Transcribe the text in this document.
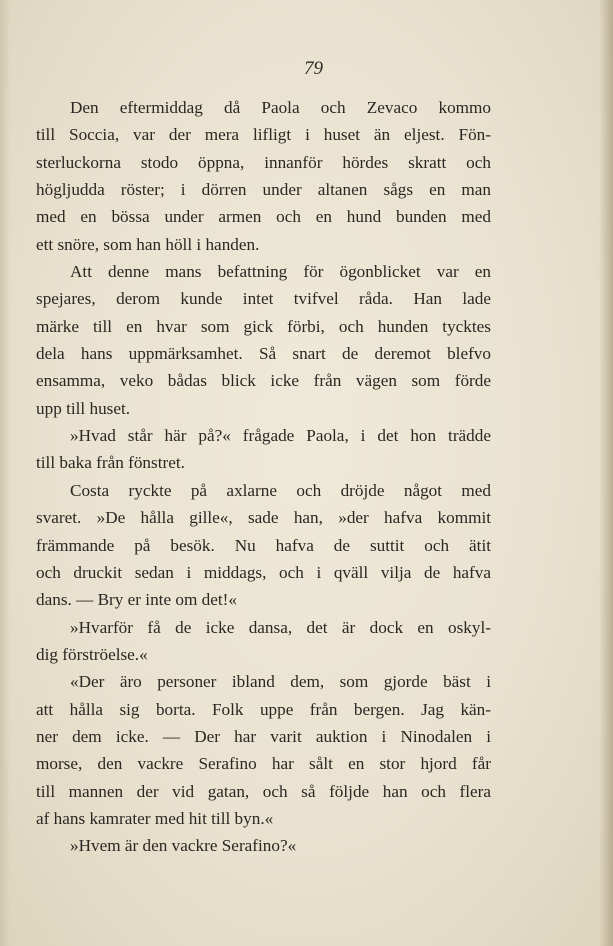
79
Den eftermiddag då Paola och Zevaco kommo
till Soccia, var der mera lifligt i huset än eljest. Fön-
sterluckorna stodo öppna, innanför hördes skratt och
högljudda röster; i dörren under altanen sågs en man
med en bössa under armen och en hund bunden med
ett snöre, som han höll i handen.
Att denne mans befattning för ögonblicket var en
spejares, derom kunde intet tvifvel råda. Han lade
märke till en hvar som gick förbi, och hunden tycktes
dela hans uppmärksamhet. Så snart de deremot blefvo
ensamma, veko bådas blick icke från vägen som förde
upp till huset.
»Hvad står här på?« frågade Paola, i det hon trädde
till baka från fönstret.
Costa ryckte på axlarne och dröjde något med
svaret. »De hålla gille«, sade han, »der hafva kommit
främmande på besök. Nu hafva de suttit och ätit
och druckit sedan i middags, och i qväll vilja de hafva
dans. — Bry er inte om det!«
»Hvarför få de icke dansa, det är dock en oskyl-
dig förströelse.«
«Der äro personer ibland dem, som gjorde bäst i
att hålla sig borta. Folk uppe från bergen. Jag kän-
ner dem icke. — Der har varit auktion i Ninodalen i
morse, den vackre Serafino har sålt en stor hjord får
till mannen der vid gatan, och så följde han och flera
af hans kamrater med hit till byn.«
»Hvem är den vackre Serafino?«
